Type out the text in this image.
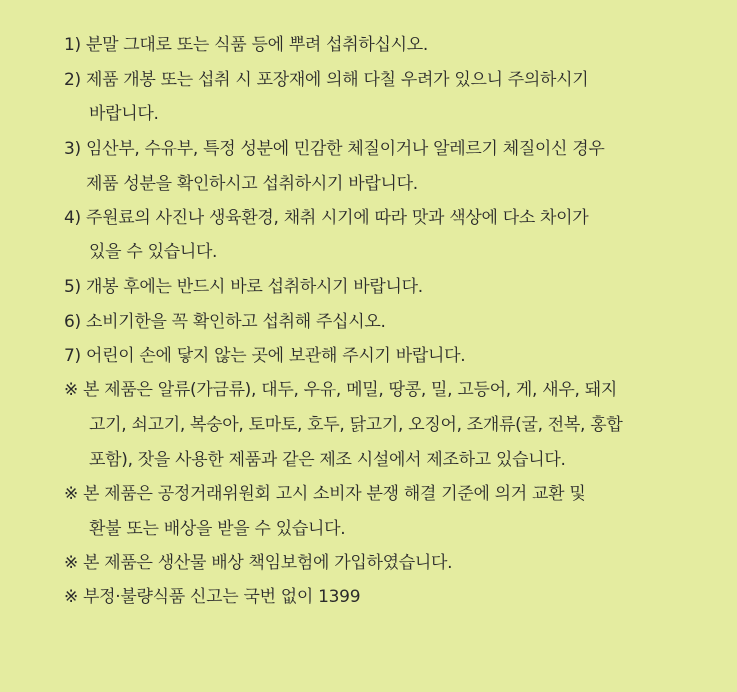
1) 분말 그대로 또는 식품 등에 뿌려 섭취하십시오.
2) 제품 개봉 또는 섭취 시 포장재에 의해 다칠 우려가 있으니 주의하시기
바랍니다.
3) 임산부, 수유부, 특정 성분에 민감한 체질이거나 알레르기 체질이신 경우
제품 성분을 확인하시고 섭취하시기 바랍니다.
4) 주원료의 사진나 생육환경, 채취 시기에 따라 맛과 색상에 다소 차이가
있을 수 있습니다.
5) 개봉 후에는 반드시 바로 섭취하시기 바랍니다.
6) 소비기한을 꼭 확인하고 섭취해 주십시오.
7) 어린이 손에 닿지 않는 곳에 보관해 주시기 바랍니다.
※ 본 제품은 알류(가금류), 대두, 우유, 메밀, 땅콩, 밀, 고등어, 게, 새우, 돼지
고기, 쇠고기, 복숭아, 토마토, 호두, 닭고기, 오징어, 조개류(굴, 전복, 홍합
포함), 잣을 사용한 제품과 같은 제조 시설에서 제조하고 있습니다.
※ 본 제품은 공정거래위원회 고시 소비자 분쟁 해결 기준에 의거 교환 및
환불 또는 배상을 받을 수 있습니다.
※ 본 제품은 생산물 배상 책임보험에 가입하였습니다.
※ 부정·불량식품 신고는 국번 없이 1399
